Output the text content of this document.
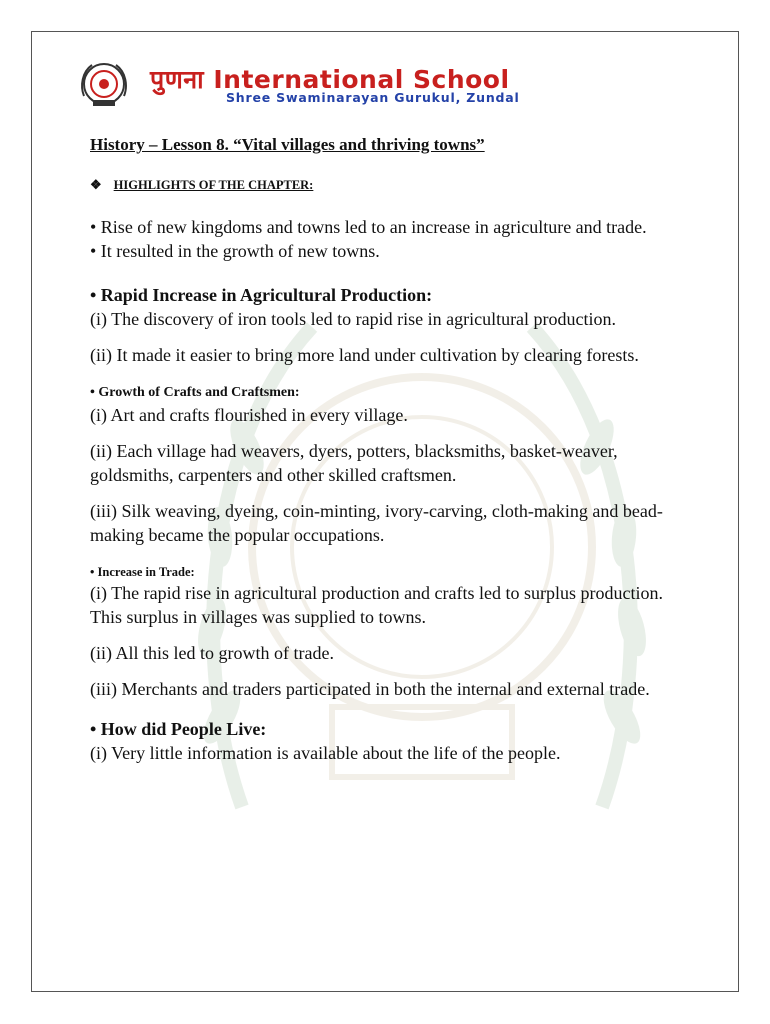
पुणना International School
Shree Swaminarayan Gurukul, Zundal
History – Lesson 8. “Vital villages and thriving towns”
❖ HIGHLIGHTS OF THE CHAPTER:

• Rise of new kingdoms and towns led to an increase in agriculture and trade.

• It resulted in the growth of new towns.

• Rapid Increase in Agricultural Production:

(i) The discovery of iron tools led to rapid rise in agricultural production.

(ii) It made it easier to bring more land under cultivation by clearing forests.

• Growth of Crafts and Craftsmen:

(i) Art and crafts flourished in every village.

(ii) Each village had weavers, dyers, potters, blacksmiths, basket-weaver, goldsmiths, carpenters and other skilled craftsmen.

(iii) Silk weaving, dyeing, coin-minting, ivory-carving, cloth-making and bead-making became the popular occupations.

• Increase in Trade:

(i) The rapid rise in agricultural production and crafts led to surplus production. This surplus in villages was supplied to towns.

(ii) All this led to growth of trade.

(iii) Merchants and traders participated in both the internal and external trade.

• How did People Live:

(i) Very little information is available about the life of the people.
